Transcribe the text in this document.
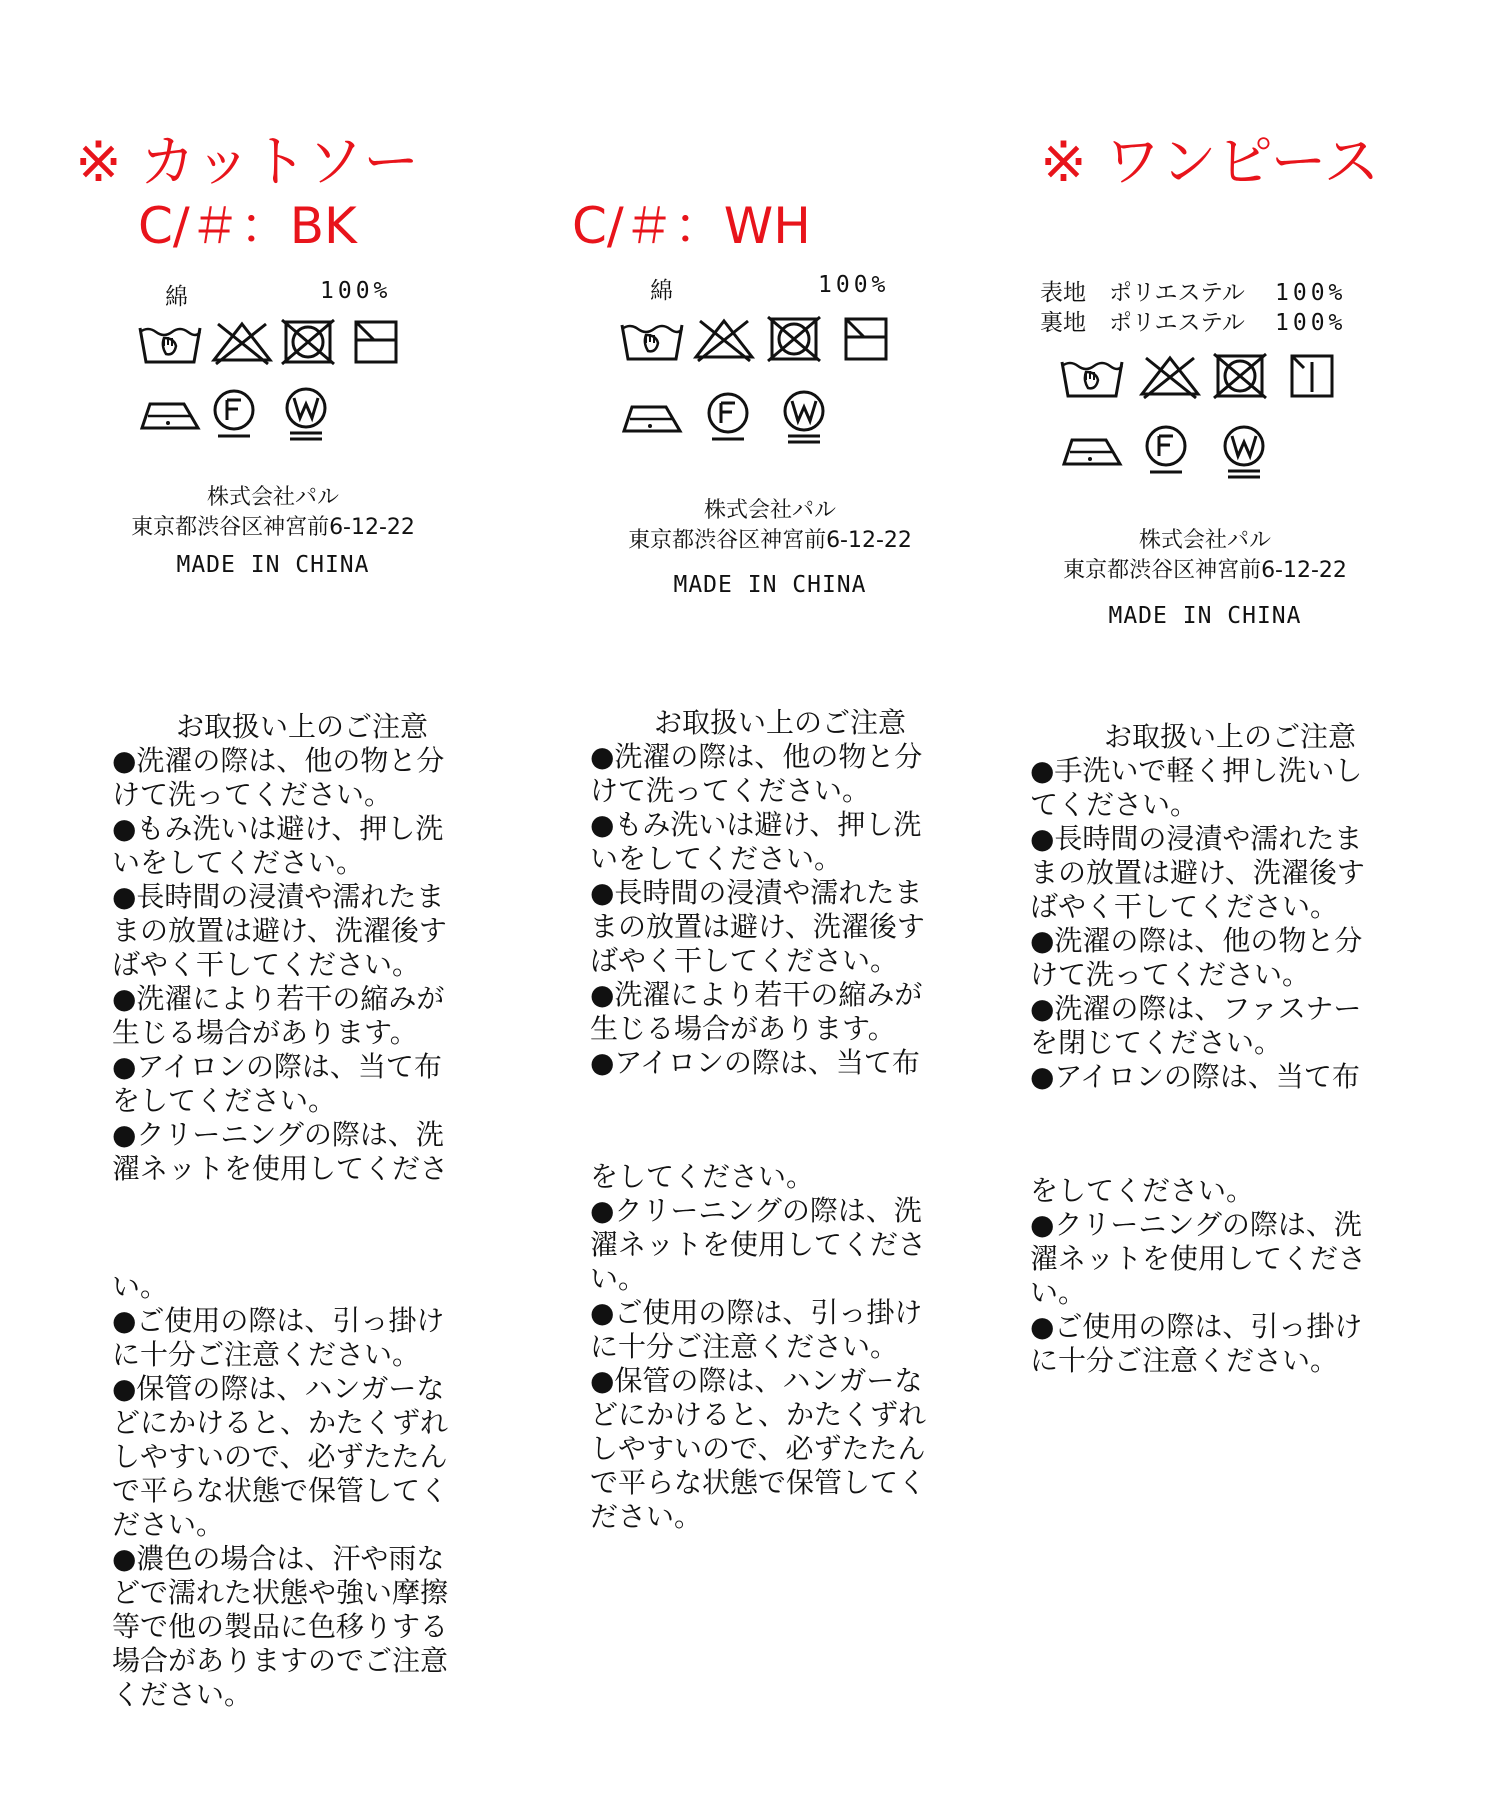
※ カットソー
C/＃：BK	C/＃：WH
※ ワンピース
綿	100%
株式会社パル
東京都渋谷区神宮前6-12-22
MADE IN CHINA
お取扱い上のご注意
●洗濯の際は、他の物と分
けて洗ってください。
●もみ洗いは避け、押し洗
いをしてください。
●長時間の浸漬や濡れたま
まの放置は避け、洗濯後す
ばやく干してください。
●洗濯により若干の縮みが
生じる場合があります。
●アイロンの際は、当て布
をしてください。
●クリーニングの際は、洗
濯ネットを使用してくださ
い。
●ご使用の際は、引っ掛け
に十分ご注意ください。
●保管の際は、ハンガーな
どにかけると、かたくずれ
しやすいので、必ずたたん
で平らな状態で保管してく
ださい。
●濃色の場合は、汗や雨な
どで濡れた状態や強い摩擦
等で他の製品に色移りする
場合がありますのでご注意
ください。
綿	100%
株式会社パル
東京都渋谷区神宮前6-12-22
MADE IN CHINA
お取扱い上のご注意
●洗濯の際は、他の物と分
けて洗ってください。
●もみ洗いは避け、押し洗
いをしてください。
●長時間の浸漬や濡れたま
まの放置は避け、洗濯後す
ばやく干してください。
●洗濯により若干の縮みが
生じる場合があります。
●アイロンの際は、当て布
をしてください。
●クリーニングの際は、洗
濯ネットを使用してくださ
い。
●ご使用の際は、引っ掛け
に十分ご注意ください。
●保管の際は、ハンガーな
どにかけると、かたくずれ
しやすいので、必ずたたん
で平らな状態で保管してく
ださい。
表地　ポリエステル 100%
裏地　ポリエステル 100%
株式会社パル
東京都渋谷区神宮前6-12-22
MADE IN CHINA
お取扱い上のご注意
●手洗いで軽く押し洗いし
てください。
●長時間の浸漬や濡れたま
まの放置は避け、洗濯後す
ばやく干してください。
●洗濯の際は、他の物と分
けて洗ってください。
●洗濯の際は、ファスナー
を閉じてください。
●アイロンの際は、当て布
をしてください。
●クリーニングの際は、洗
濯ネットを使用してくださ
い。
●ご使用の際は、引っ掛け
に十分ご注意ください。
